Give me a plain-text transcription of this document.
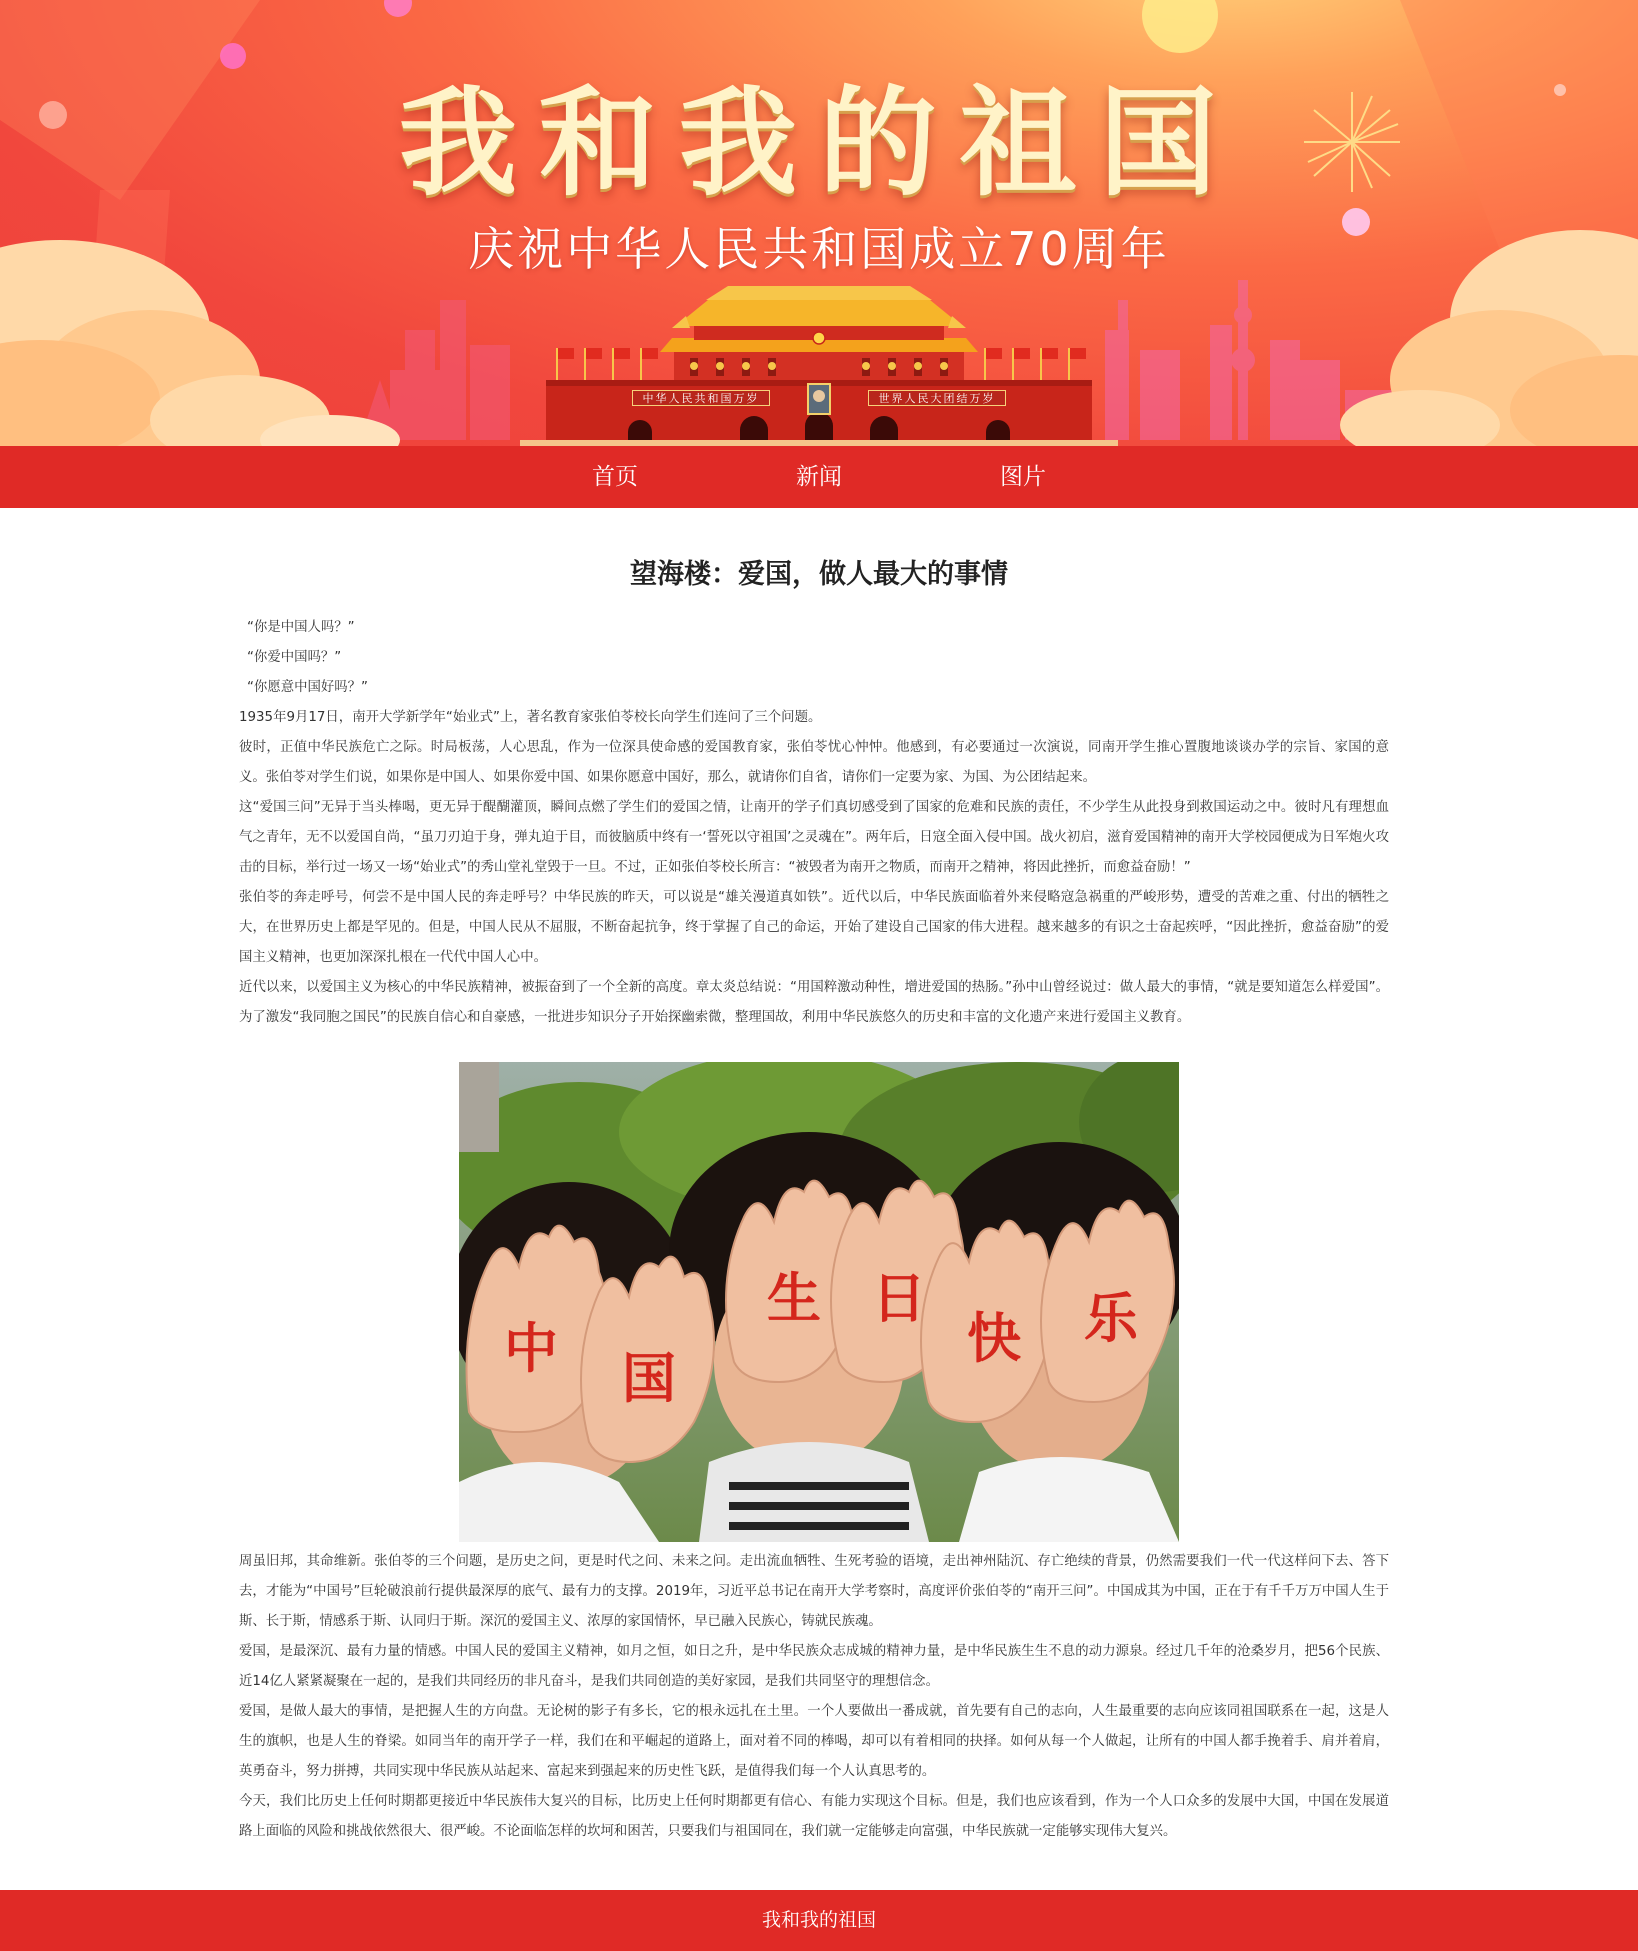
我和我的祖国
庆祝中华人民共和国成立70周年
中华人民共和国万岁	世界人民大团结万岁
首页	新闻	图片
望海楼：爱国，做人最大的事情

“你是中国人吗？”

“你爱中国吗？”

“你愿意中国好吗？”

1935年9月17日，南开大学新学年“始业式”上，著名教育家张伯苓校长向学生们连问了三个问题。

彼时，正值中华民族危亡之际。时局板荡，人心思乱，作为一位深具使命感的爱国教育家，张伯苓忧心忡忡。他感到，有必要通过一次演说，同南开学生推心置腹地谈谈办学的宗旨、家国的意义。张伯苓对学生们说，如果你是中国人、如果你爱中国、如果你愿意中国好，那么，就请你们自省，请你们一定要为家、为国、为公团结起来。

这“爱国三问”无异于当头棒喝，更无异于醍醐灌顶，瞬间点燃了学生们的爱国之情，让南开的学子们真切感受到了国家的危难和民族的责任，不少学生从此投身到救国运动之中。彼时凡有理想血气之青年，无不以爱国自尚，“虽刀刃迫于身，弹丸迫于目，而彼脑质中终有一‘誓死以守祖国’之灵魂在”。两年后，日寇全面入侵中国。战火初启，滋育爱国精神的南开大学校园便成为日军炮火攻击的目标，举行过一场又一场“始业式”的秀山堂礼堂毁于一旦。不过，正如张伯苓校长所言：“被毁者为南开之物质，而南开之精神，将因此挫折，而愈益奋励！”

张伯苓的奔走呼号，何尝不是中国人民的奔走呼号？中华民族的昨天，可以说是“雄关漫道真如铁”。近代以后，中华民族面临着外来侵略寇急祸重的严峻形势，遭受的苦难之重、付出的牺牲之大，在世界历史上都是罕见的。但是，中国人民从不屈服，不断奋起抗争，终于掌握了自己的命运，开始了建设自己国家的伟大进程。越来越多的有识之士奋起疾呼，“因此挫折，愈益奋励”的爱国主义精神，也更加深深扎根在一代代中国人心中。

近代以来，以爱国主义为核心的中华民族精神，被振奋到了一个全新的高度。章太炎总结说：“用国粹激动种性，增进爱国的热肠。”孙中山曾经说过：做人最大的事情，“就是要知道怎么样爱国”。为了激发“我同胞之国民”的民族自信心和自豪感，一批进步知识分子开始探幽索微，整理国故，利用中华民族悠久的历史和丰富的文化遗产来进行爱国主义教育。

中 国
生 日
快 乐

周虽旧邦，其命维新。张伯苓的三个问题，是历史之问，更是时代之问、未来之问。走出流血牺牲、生死考验的语境，走出神州陆沉、存亡绝续的背景，仍然需要我们一代一代这样问下去、答下去，才能为“中国号”巨轮破浪前行提供最深厚的底气、最有力的支撑。2019年，习近平总书记在南开大学考察时，高度评价张伯苓的“南开三问”。中国成其为中国，正在于有千千万万中国人生于斯、长于斯，情感系于斯、认同归于斯。深沉的爱国主义、浓厚的家国情怀，早已融入民族心，铸就民族魂。

爱国，是最深沉、最有力量的情感。中国人民的爱国主义精神，如月之恒，如日之升，是中华民族众志成城的精神力量，是中华民族生生不息的动力源泉。经过几千年的沧桑岁月，把56个民族、近14亿人紧紧凝聚在一起的，是我们共同经历的非凡奋斗，是我们共同创造的美好家园，是我们共同坚守的理想信念。

爱国，是做人最大的事情，是把握人生的方向盘。无论树的影子有多长，它的根永远扎在土里。一个人要做出一番成就，首先要有自己的志向，人生最重要的志向应该同祖国联系在一起，这是人生的旗帜，也是人生的脊梁。如同当年的南开学子一样，我们在和平崛起的道路上，面对着不同的棒喝，却可以有着相同的抉择。如何从每一个人做起，让所有的中国人都手挽着手、肩并着肩，英勇奋斗，努力拼搏，共同实现中华民族从站起来、富起来到强起来的历史性飞跃，是值得我们每一个人认真思考的。

今天，我们比历史上任何时期都更接近中华民族伟大复兴的目标，比历史上任何时期都更有信心、有能力实现这个目标。但是，我们也应该看到，作为一个人口众多的发展中大国，中国在发展道路上面临的风险和挑战依然很大、很严峻。不论面临怎样的坎坷和困苦，只要我们与祖国同在，我们就一定能够走向富强，中华民族就一定能够实现伟大复兴。

我和我的祖国
